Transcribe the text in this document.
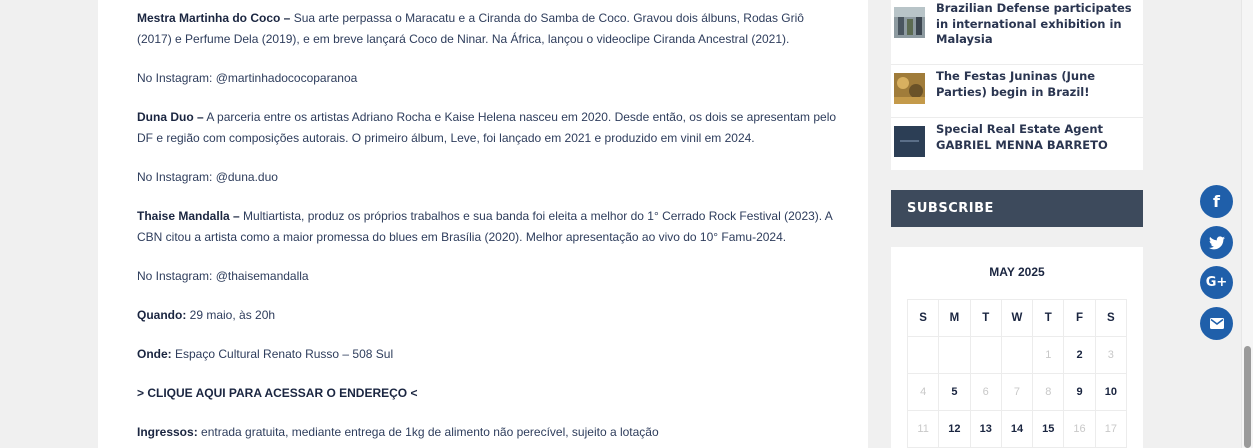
Mestra Martinha do Coco – Sua arte perpassa o Maracatu e a Ciranda do Samba de Coco. Gravou dois álbuns, Rodas Griô (2017) e Perfume Dela (2019), e em breve lançará Coco de Ninar. Na África, lançou o videoclipe Ciranda Ancestral (2021).

No Instagram: @martinhadococoparanoa

Duna Duo – A parceria entre os artistas Adriano Rocha e Kaise Helena nasceu em 2020. Desde então, os dois se apresentam pelo DF e região com composições autorais. O primeiro álbum, Leve, foi lançado em 2021 e produzido em vinil em 2024.

No Instagram: @duna.duo

Thaise Mandalla – Multiartista, produz os próprios trabalhos e sua banda foi eleita a melhor do 1° Cerrado Rock Festival (2023). A CBN citou a artista como a maior promessa do blues em Brasília (2020). Melhor apresentação ao vivo do 10° Famu-2024.

No Instagram: @thaisemandalla

Quando: 29 maio, às 20h

Onde: Espaço Cultural Renato Russo – 508 Sul

> CLIQUE AQUI PARA ACESSAR O ENDEREÇO <

Ingressos: entrada gratuita, mediante entrega de 1kg de alimento não perecível, sujeito a lotação

Brazilian Defense participates in international exhibition in Malaysia
The Festas Juninas (June Parties) begin in Brazil!
Special Real Estate Agent GABRIEL MENNA BARRETO
SUBSCRIBE
MAY 2025
S	M	T	W	T	F	S
				1	2	3
4	5	6	7	8	9	10
11	12	13	14	15	16	17
f
G+
